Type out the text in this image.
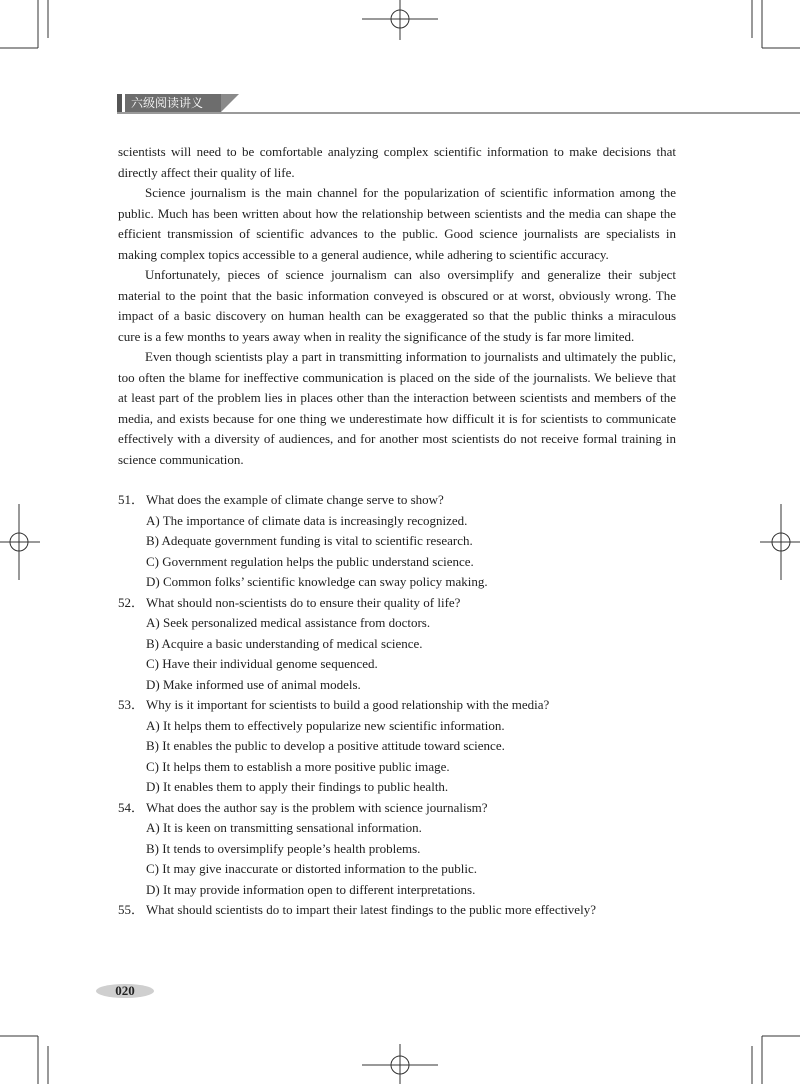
六级阅读讲义

scientists will need to be comfortable analyzing complex scientific information to make decisions that directly affect their quality of life.

Science journalism is the main channel for the popularization of scientific information among the public. Much has been written about how the relationship between scientists and the media can shape the efficient transmission of scientific advances to the public. Good science journalists are specialists in making complex topics accessible to a general audience, while adhering to scientific accuracy.

Unfortunately, pieces of science journalism can also oversimplify and generalize their subject material to the point that the basic information conveyed is obscured or at worst, obviously wrong. The impact of a basic discovery on human health can be exaggerated so that the public thinks a miraculous cure is a few months to years away when in reality the significance of the study is far more limited.

Even though scientists play a part in transmitting information to journalists and ultimately the public, too often the blame for ineffective communication is placed on the side of the journalists. We believe that at least part of the problem lies in places other than the interaction between scientists and members of the media, and exists because for one thing we underestimate how difficult it is for scientists to communicate effectively with a diversity of audiences, and for another most scientists do not receive formal training in science communication.

51． What does the example of climate change serve to show?

A) The importance of climate data is increasingly recognized.

B) Adequate government funding is vital to scientific research.

C) Government regulation helps the public understand science.

D) Common folks’ scientific knowledge can sway policy making.

52． What should non-scientists do to ensure their quality of life?

A) Seek personalized medical assistance from doctors.

B) Acquire a basic understanding of medical science.

C) Have their individual genome sequenced.

D) Make informed use of animal models.

53． Why is it important for scientists to build a good relationship with the media?

A) It helps them to effectively popularize new scientific information.

B) It enables the public to develop a positive attitude toward science.

C) It helps them to establish a more positive public image.

D) It enables them to apply their findings to public health.

54． What does the author say is the problem with science journalism?

A) It is keen on transmitting sensational information.

B) It tends to oversimplify people’s health problems.

C) It may give inaccurate or distorted information to the public.

D) It may provide information open to different interpretations.

55． What should scientists do to impart their latest findings to the public more effectively?

020
